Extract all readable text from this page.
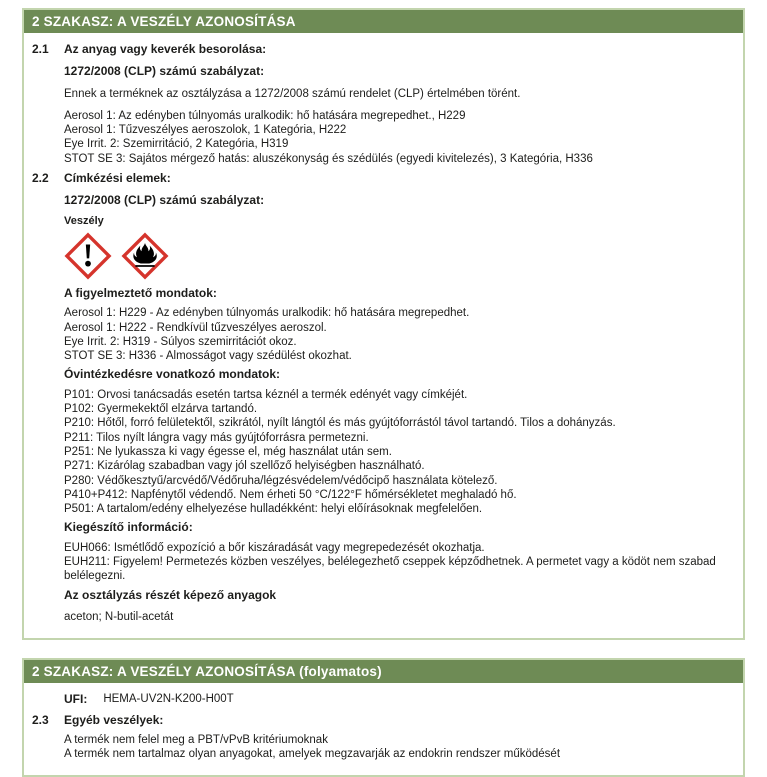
2 SZAKASZ: A VESZÉLY AZONOSÍTÁSA
2.1	Az anyag vagy keverék besorolása:
1272/2008 (CLP) számú szabályzat:
Ennek a terméknek az osztályzása a 1272/2008 számú rendelet (CLP) értelmében törént.
Aerosol 1: Az edényben túlnyomás uralkodik: hő hatására megrepedhet., H229
Aerosol 1: Tűzveszélyes aeroszolok, 1 Kategória, H222
Eye Irrit. 2: Szemirritáció, 2 Kategória, H319
STOT SE 3: Sajátos mérgező hatás: aluszékonyság és szédülés (egyedi kivitelezés), 3 Kategória, H336
2.2	Címkézési elemek:
1272/2008 (CLP) számú szabályzat:
Veszély
A figyelmeztető mondatok:
Aerosol 1: H229 - Az edényben túlnyomás uralkodik: hő hatására megrepedhet.
Aerosol 1: H222 - Rendkívül tűzveszélyes aeroszol.
Eye Irrit. 2: H319 - Súlyos szemirritációt okoz.
STOT SE 3: H336 - Almosságot vagy szédülést okozhat.
Óvintézkedésre vonatkozó mondatok:
P101: Orvosi tanácsadás esetén tartsa kéznél a termék edényét vagy címkéjét.
P102: Gyermekektől elzárva tartandó.
P210: Hőtől, forró felületektől, szikrától, nyílt lángtól és más gyújtóforrástól távol tartandó. Tilos a dohányzás.
P211: Tilos nyílt lángra vagy más gyújtóforrásra permetezni.
P251: Ne lyukassza ki vagy égesse el, még használat után sem.
P271: Kizárólag szabadban vagy jól szellőző helyiségben használható.
P280: Védőkesztyű/arcvédő/Védőruha/légzésvédelem/védőcipő használata kötelező.
P410+P412: Napfénytől védendő. Nem érheti 50 °C/122°F hőmérsékletet meghaladó hő.
P501: A tartalom/edény elhelyezése hulladékként: helyi előírásoknak megfelelően.
Kiegészítő információ:
EUH066: Ismétlődő expozíció a bőr kiszáradását vagy megrepedezését okozhatja.
EUH211: Figyelem! Permetezés közben veszélyes, belélegezhető cseppek képződhetnek. A permetet vagy a ködöt nem szabad belélegezni.
Az osztályzás részét képező anyagok
aceton; N-butil-acetát
2 SZAKASZ: A VESZÉLY AZONOSÍTÁSA (folyamatos)
UFI: HEMA-UV2N-K200-H00T
2.3	Egyéb veszélyek:
A termék nem felel meg a PBT/vPvB kritériumoknak
A termék nem tartalmaz olyan anyagokat, amelyek megzavarják az endokrin rendszer működését
